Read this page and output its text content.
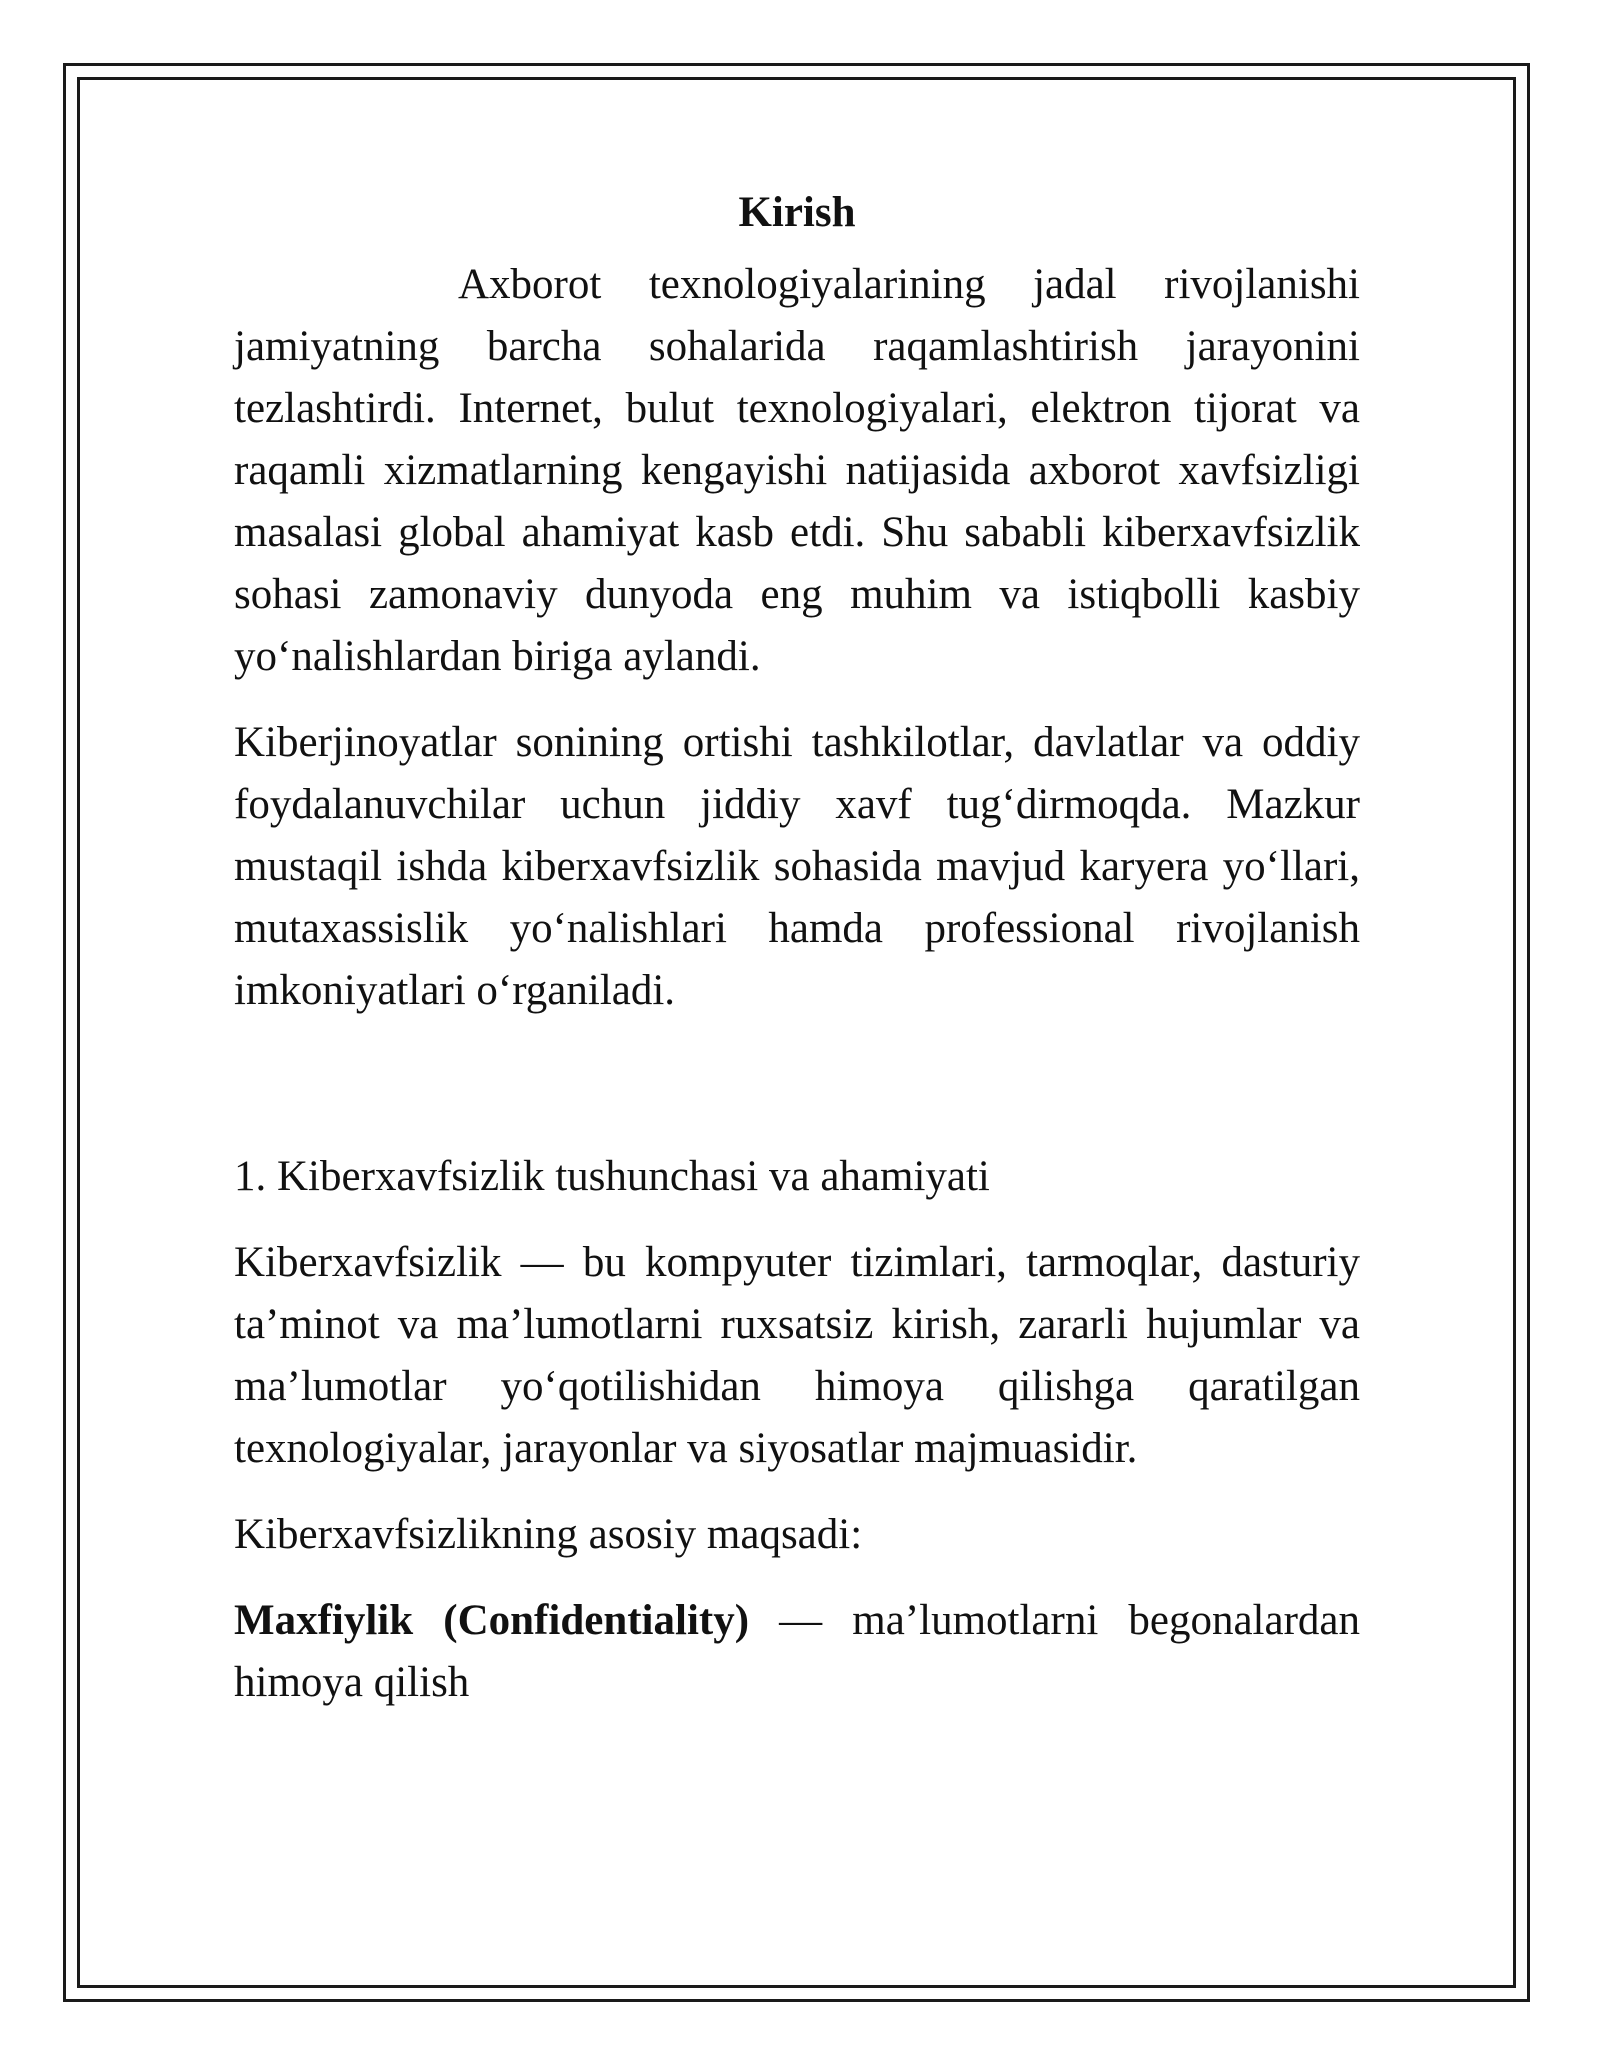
Kirish

Axborot texnologiyalarining jadal rivojlanishi jamiyatning barcha sohalarida raqamlashtirish jarayonini tezlashtirdi. Internet, bulut texnologiyalari, elektron tijorat va raqamli xizmatlarning kengayishi natijasida axborot xavfsizligi masalasi global ahamiyat kasb etdi. Shu sababli kiberxavfsizlik sohasi zamonaviy dunyoda eng muhim va istiqbolli kasbiy yo‘nalishlardan biriga aylandi.

Kiberjinoyatlar sonining ortishi tashkilotlar, davlatlar va oddiy foydalanuvchilar uchun jiddiy xavf tug‘dirmoqda. Mazkur mustaqil ishda kiberxavfsizlik sohasida mavjud karyera yo‘llari, mutaxassislik yo‘nalishlari hamda professional rivojlanish imkoniyatlari o‘rganiladi.

1. Kiberxavfsizlik tushunchasi va ahamiyati

Kiberxavfsizlik — bu kompyuter tizimlari, tarmoqlar, dasturiy ta’minot va ma’lumotlarni ruxsatsiz kirish, zararli hujumlar va ma’lumotlar yo‘qotilishidan himoya qilishga qaratilgan texnologiyalar, jarayonlar va siyosatlar majmuasidir.

Kiberxavfsizlikning asosiy maqsadi:

Maxfiylik (Confidentiality) — ma’lumotlarni begonalardan himoya qilish
